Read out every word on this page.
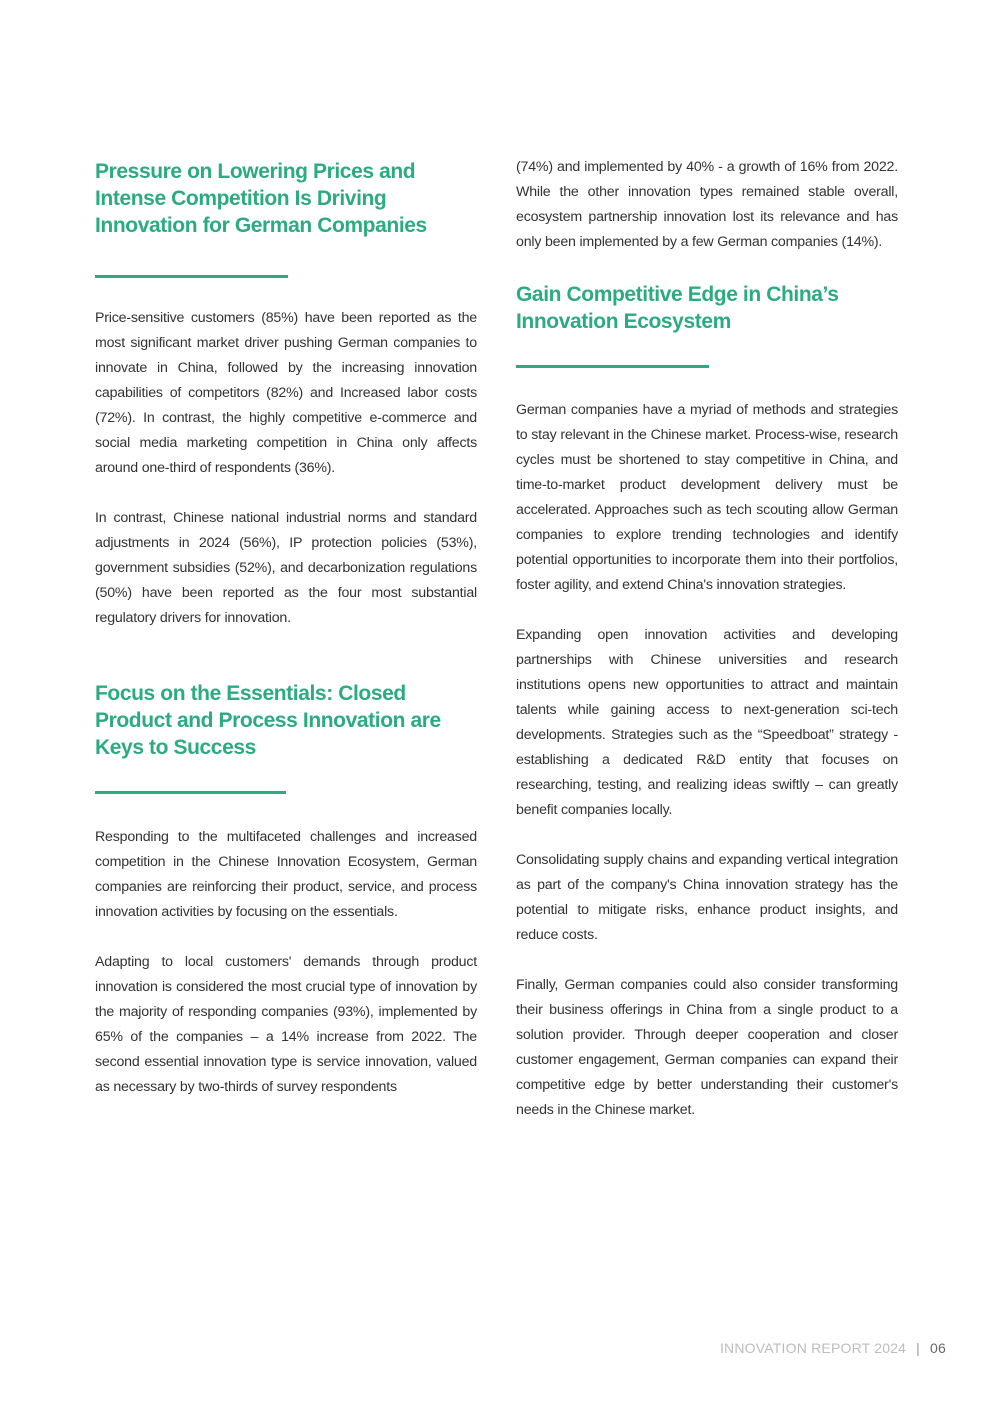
Pressure on Lowering Prices and Intense Competition Is Driving Innovation for German Companies

Price-sensitive customers (85%) have been reported as the most significant market driver pushing German companies to innovate in China, followed by the increasing innovation capabilities of competitors (82%) and Increased labor costs (72%). In contrast, the highly competitive e-commerce and social media marketing competition in China only affects around one-third of respondents (36%).

In contrast, Chinese national industrial norms and standard adjustments in 2024 (56%), IP protection policies (53%), government subsidies (52%), and decarbonization regulations (50%) have been reported as the four most substantial regulatory drivers for innovation.

Focus on the Essentials: Closed Product and Process Innovation are Keys to Success

Responding to the multifaceted challenges and increased competition in the Chinese Innovation Ecosystem, German companies are reinforcing their product, service, and process innovation activities by focusing on the essentials.

Adapting to local customers' demands through product innovation is considered the most crucial type of innovation by the majority of responding companies (93%), implemented by 65% of the companies – a 14% increase from 2022. The second essential innovation type is service innovation, valued as necessary by two-thirds of survey respondents

(74%) and implemented by 40% - a growth of 16% from 2022. While the other innovation types remained stable overall, ecosystem partnership innovation lost its relevance and has only been implemented by a few German companies (14%).

Gain Competitive Edge in China’s Innovation Ecosystem

German companies have a myriad of methods and strategies to stay relevant in the Chinese market. Process-wise, research cycles must be shortened to stay competitive in China, and time-to-market product development delivery must be accelerated. Approaches such as tech scouting allow German companies to explore trending technologies and identify potential opportunities to incorporate them into their portfolios, foster agility, and extend China's innovation strategies.

Expanding open innovation activities and developing partnerships with Chinese universities and research institutions opens new opportunities to attract and maintain talents while gaining access to next-generation sci-tech developments. Strategies such as the “Speedboat” strategy - establishing a dedicated R&D entity that focuses on researching, testing, and realizing ideas swiftly – can greatly benefit companies locally.

Consolidating supply chains and expanding vertical integration as part of the company's China innovation strategy has the potential to mitigate risks, enhance product insights, and reduce costs.

Finally, German companies could also consider transforming their business offerings in China from a single product to a solution provider. Through deeper cooperation and closer customer engagement, German companies can expand their competitive edge by better understanding their customer's needs in the Chinese market.

INNOVATION REPORT 2024 | 06
